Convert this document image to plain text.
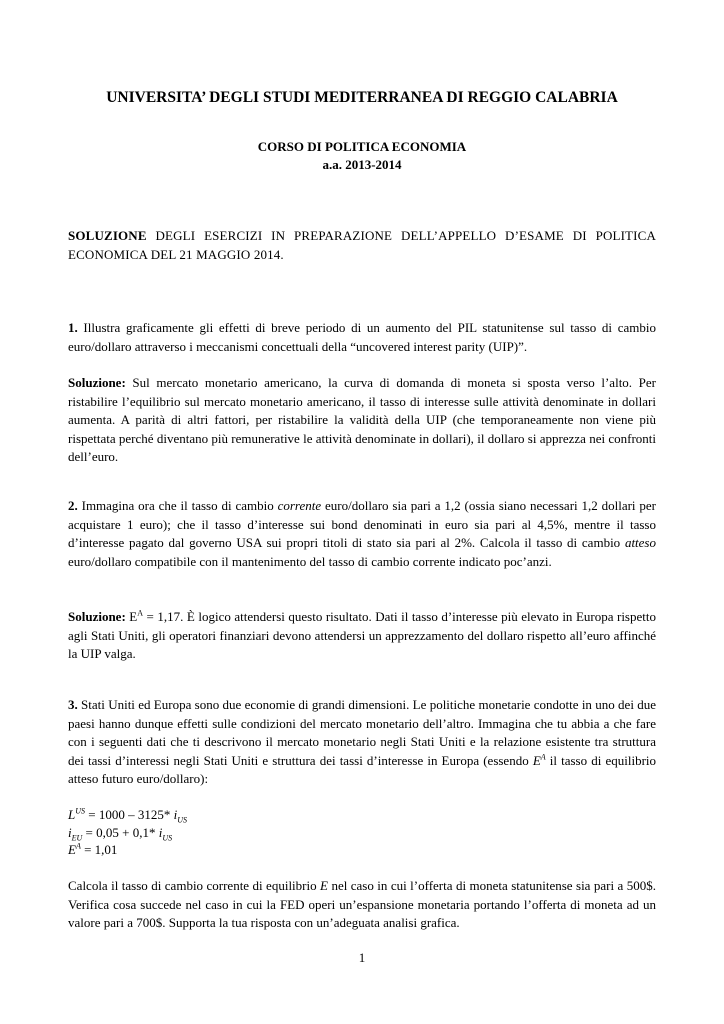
UNIVERSITA’ DEGLI STUDI MEDITERRANEA DI REGGIO CALABRIA
CORSO DI POLITICA ECONOMIA
a.a. 2013-2014
SOLUZIONE DEGLI ESERCIZI IN PREPARAZIONE DELL’APPELLO D’ESAME DI POLITICA ECONOMICA DEL 21 MAGGIO 2014.
1. Illustra graficamente gli effetti di breve periodo di un aumento del PIL statunitense sul tasso di cambio euro/dollaro attraverso i meccanismi concettuali della “uncovered interest parity (UIP)”.
Soluzione: Sul mercato monetario americano, la curva di domanda di moneta si sposta verso l’alto. Per ristabilire l’equilibrio sul mercato monetario americano, il tasso di interesse sulle attività denominate in dollari aumenta. A parità di altri fattori, per ristabilire la validità della UIP (che temporaneamente non viene più rispettata perché diventano più remunerative le attività denominate in dollari), il dollaro si apprezza nei confronti dell’euro.
2. Immagina ora che il tasso di cambio corrente euro/dollaro sia pari a 1,2 (ossia siano necessari 1,2 dollari per acquistare 1 euro); che il tasso d’interesse sui bond denominati in euro sia pari al 4,5%, mentre il tasso d’interesse pagato dal governo USA sui propri titoli di stato sia pari al 2%. Calcola il tasso di cambio atteso euro/dollaro compatibile con il mantenimento del tasso di cambio corrente indicato poc’anzi.
Soluzione: $E^A = 1,17$. È logico attendersi questo risultato. Dati il tasso d’interesse più elevato in Europa rispetto agli Stati Uniti, gli operatori finanziari devono attendersi un apprezzamento del dollaro rispetto all’euro affinché la UIP valga.
3. Stati Uniti ed Europa sono due economie di grandi dimensioni. Le politiche monetarie condotte in uno dei due paesi hanno dunque effetti sulle condizioni del mercato monetario dell’altro. Immagina che tu abbia a che fare con i seguenti dati che ti descrivono il mercato monetario negli Stati Uniti e la relazione esistente tra struttura dei tassi d’interessi negli Stati Uniti e struttura dei tassi d’interesse in Europa (essendo $E^A$ il tasso di equilibrio atteso futuro euro/dollaro):
$L^{US} = 1000 - 3125*$ $i_{US}$
$i_{EU} = 0,05 + 0,1*$ $i_{US}$
$E^A = 1,01$
Calcola il tasso di cambio corrente di equilibrio E nel caso in cui l’offerta di moneta statunitense sia pari a 500$. Verifica cosa succede nel caso in cui la FED operi un’espansione monetaria portando l’offerta di moneta ad un valore pari a 700$. Supporta la tua risposta con un’adeguata analisi grafica.
1
